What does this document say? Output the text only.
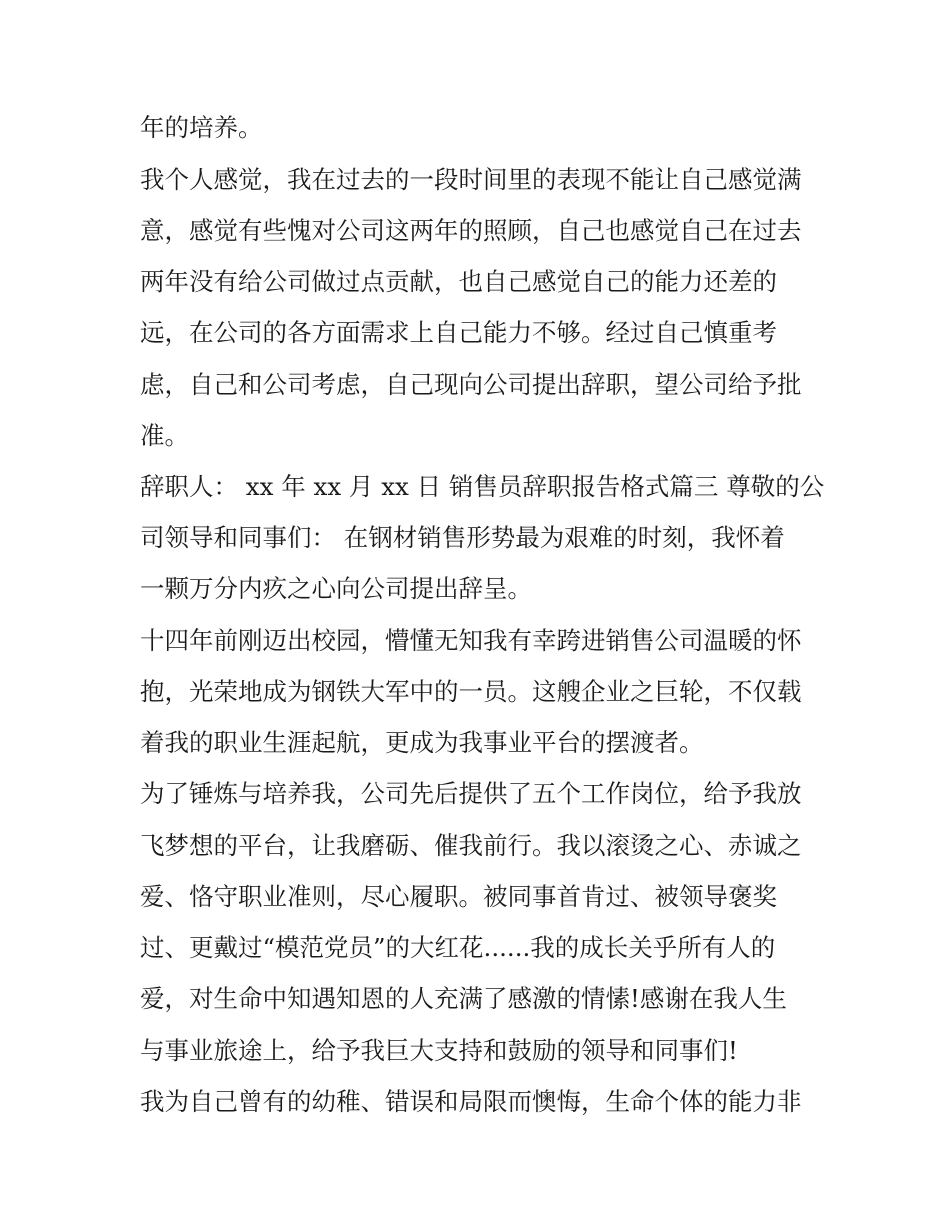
年的培养。
我个人感觉，我在过去的一段时间里的表现不能让自己感觉满
意，感觉有些愧对公司这两年的照顾，自己也感觉自己在过去
两年没有给公司做过点贡献，也自己感觉自己的能力还差的
远，在公司的各方面需求上自己能力不够。经过自己慎重考
虑，自己和公司考虑，自己现向公司提出辞职，望公司给予批
准。
辞职人： xx 年 xx 月 xx 日 销售员辞职报告格式篇三 尊敬的公
司领导和同事们： 在钢材销售形势最为艰难的时刻，我怀着
一颗万分内疚之心向公司提出辞呈。
十四年前刚迈出校园，懵懂无知我有幸跨进销售公司温暖的怀
抱，光荣地成为钢铁大军中的一员。这艘企业之巨轮，不仅载
着我的职业生涯起航，更成为我事业平台的摆渡者。
为了锤炼与培养我，公司先后提供了五个工作岗位，给予我放
飞梦想的平台，让我磨砺、催我前行。我以滚烫之心、赤诚之
爱、恪守职业准则，尽心履职。被同事首肯过、被领导褒奖
过、更戴过“模范党员”的大红花......我的成长关乎所有人的
爱，对生命中知遇知恩的人充满了感激的情愫!感谢在我人生
与事业旅途上，给予我巨大支持和鼓励的领导和同事们!
我为自己曾有的幼稚、错误和局限而懊悔，生命个体的能力非
